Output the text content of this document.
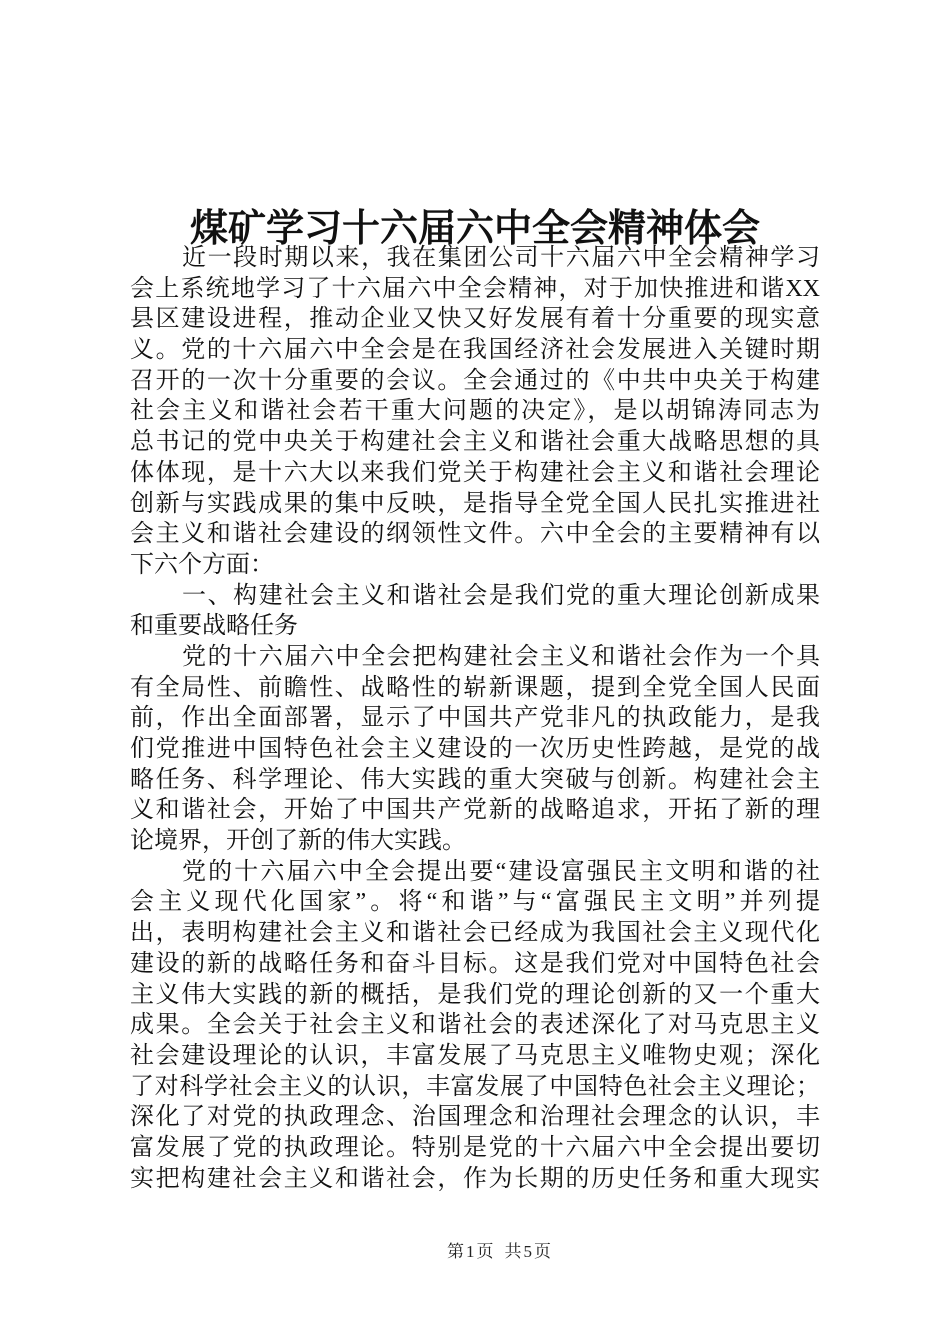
煤矿学习十六届六中全会精神体会
近一段时期以来，我在集团公司十六届六中全会精神学习
会上系统地学习了十六届六中全会精神，对于加快推进和谐XX
县区建设进程，推动企业又快又好发展有着十分重要的现实意
义。党的十六届六中全会是在我国经济社会发展进入关键时期
召开的一次十分重要的会议。全会通过的《中共中央关于构建
社会主义和谐社会若干重大问题的决定》，是以胡锦涛同志为
总书记的党中央关于构建社会主义和谐社会重大战略思想的具
体体现，是十六大以来我们党关于构建社会主义和谐社会理论
创新与实践成果的集中反映，是指导全党全国人民扎实推进社
会主义和谐社会建设的纲领性文件。六中全会的主要精神有以
下六个方面：
一、构建社会主义和谐社会是我们党的重大理论创新成果
和重要战略任务
党的十六届六中全会把构建社会主义和谐社会作为一个具
有全局性、前瞻性、战略性的崭新课题，提到全党全国人民面
前，作出全面部署，显示了中国共产党非凡的执政能力，是我
们党推进中国特色社会主义建设的一次历史性跨越，是党的战
略任务、科学理论、伟大实践的重大突破与创新。构建社会主
义和谐社会，开始了中国共产党新的战略追求，开拓了新的理
论境界，开创了新的伟大实践。
党的十六届六中全会提出要“建设富强民主文明和谐的社
会主义现代化国家”。将“和谐”与“富强民主文明”并列提
出，表明构建社会主义和谐社会已经成为我国社会主义现代化
建设的新的战略任务和奋斗目标。这是我们党对中国特色社会
主义伟大实践的新的概括，是我们党的理论创新的又一个重大
成果。全会关于社会主义和谐社会的表述深化了对马克思主义
社会建设理论的认识，丰富发展了马克思主义唯物史观；深化
了对科学社会主义的认识，丰富发展了中国特色社会主义理论；
深化了对党的执政理念、治国理念和治理社会理念的认识，丰
富发展了党的执政理论。特别是党的十六届六中全会提出要切
实把构建社会主义和谐社会，作为长期的历史任务和重大现实
第1页 共5页
